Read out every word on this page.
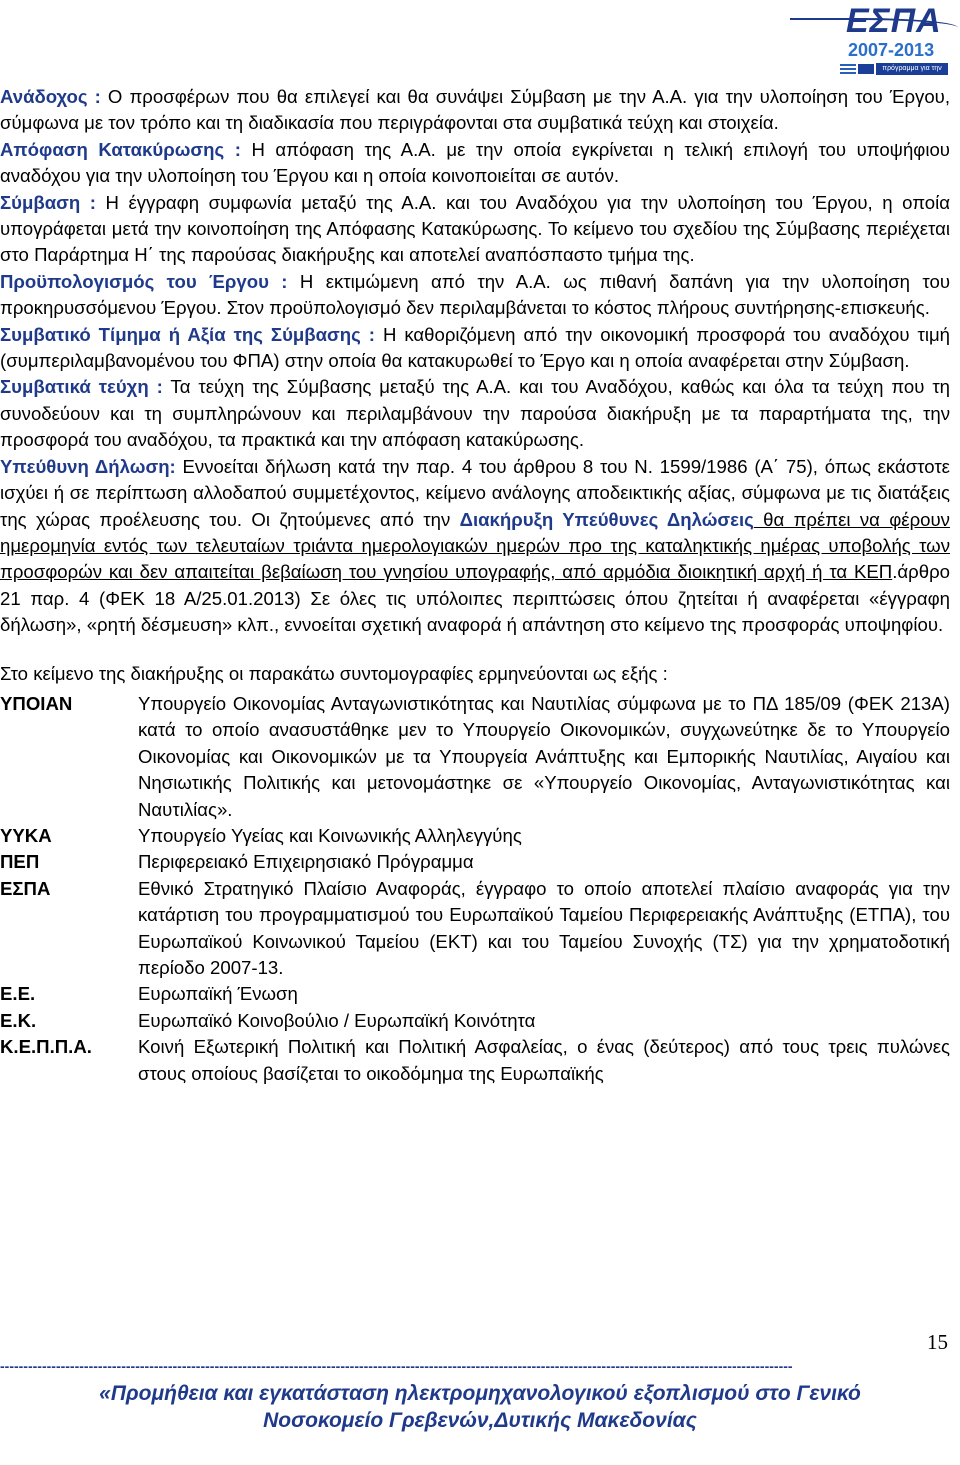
ΕΣΠΑ
2007-2013
πρόγραμμα για την ανάπτυξη

Ανάδοχος : Ο προσφέρων που θα επιλεγεί και θα συνάψει Σύμβαση με την Α.Α. για την υλοποίηση του Έργου, σύμφωνα με τον τρόπο και τη διαδικασία που περιγράφονται στα συμβατικά τεύχη και στοιχεία.

Απόφαση Κατακύρωσης : Η απόφαση της Α.Α. με την οποία εγκρίνεται η τελική επιλογή του υποψήφιου αναδόχου για την υλοποίηση του Έργου και η οποία κοινοποιείται σε αυτόν.

Σύμβαση : Η έγγραφη συμφωνία μεταξύ της Α.Α. και του Αναδόχου για την υλοποίηση του Έργου, η οποία υπογράφεται μετά την κοινοποίηση της Απόφασης Κατακύρωσης. Το κείμενο του σχεδίου της Σύμβασης περιέχεται στο Παράρτημα Η΄ της παρούσας διακήρυξης και αποτελεί αναπόσπαστο τμήμα της.

Προϋπολογισμός του Έργου : Η εκτιμώμενη από την Α.Α. ως πιθανή δαπάνη για την υλοποίηση του προκηρυσσόμενου Έργου. Στον προϋπολογισμό δεν περιλαμβάνεται το κόστος πλήρους συντήρησης-επισκευής.

Συμβατικό Τίμημα ή Αξία της Σύμβασης : Η καθοριζόμενη από την οικονομική προσφορά του αναδόχου τιμή (συμπεριλαμβανομένου του ΦΠΑ) στην οποία θα κατακυρωθεί το Έργο και η οποία αναφέρεται στην Σύμβαση.

Συμβατικά τεύχη : Τα τεύχη της Σύμβασης μεταξύ της Α.Α. και του Αναδόχου, καθώς και όλα τα τεύχη που τη συνοδεύουν και τη συμπληρώνουν και περιλαμβάνουν την παρούσα διακήρυξη με τα παραρτήματα της, την προσφορά του αναδόχου, τα πρακτικά και την απόφαση κατακύρωσης.

Υπεύθυνη Δήλωση: Εννοείται δήλωση κατά την παρ. 4 του άρθρου 8 του Ν. 1599/1986 (Α΄ 75), όπως εκάστοτε ισχύει ή σε περίπτωση αλλοδαπού συμμετέχοντος, κείμενο ανάλογης αποδεικτικής αξίας, σύμφωνα με τις διατάξεις της χώρας προέλευσης του. Οι ζητούμενες από την Διακήρυξη Υπεύθυνες Δηλώσεις θα πρέπει να φέρουν ημερομηνία εντός των τελευταίων τριάντα ημερολογιακών ημερών προ της καταληκτικής ημέρας υποβολής των προσφορών και δεν απαιτείται βεβαίωση του γνησίου υπογραφής, από αρμόδια διοικητική αρχή ή τα ΚΕΠ.άρθρο 21 παρ. 4 (ΦΕΚ 18 Α/25.01.2013) Σε όλες τις υπόλοιπες περιπτώσεις όπου ζητείται ή αναφέρεται «έγγραφη δήλωση», «ρητή δέσμευση» κλπ., εννοείται σχετική αναφορά ή απάντηση στο κείμενο της προσφοράς υποψηφίου.

Στο κείμενο της διακήρυξης οι παρακάτω συντομογραφίες ερμηνεύονται ως εξής :

ΥΠΟΙΑΝ	Υπουργείο Οικονομίας Ανταγωνιστικότητας και Ναυτιλίας σύμφωνα με το ΠΔ 185/09 (ΦΕΚ 213Α) κατά το οποίο ανασυστάθηκε μεν το Υπουργείο Οικονομικών, συγχωνεύτηκε δε το Υπουργείο Οικονομίας και Οικονομικών με τα Υπουργεία Ανάπτυξης και Εμπορικής Ναυτιλίας, Αιγαίου και Νησιωτικής Πολιτικής και μετονομάστηκε σε «Υπουργείο Οικονομίας, Ανταγωνιστικότητας και Ναυτιλίας».
ΥΥΚΑ	Υπουργείο Υγείας και Κοινωνικής Αλληλεγγύης
ΠΕΠ	Περιφερειακό Επιχειρησιακό Πρόγραμμα
ΕΣΠΑ	Εθνικό Στρατηγικό Πλαίσιο Αναφοράς, έγγραφο το οποίο αποτελεί πλαίσιο αναφοράς για την κατάρτιση του προγραμματισμού του Ευρωπαϊκού Ταμείου Περιφερειακής Ανάπτυξης (ΕΤΠΑ), του Ευρωπαϊκού Κοινωνικού Ταμείου (ΕΚΤ) και του Ταμείου Συνοχής (ΤΣ) για την χρηματοδοτική περίοδο 2007-13.
Ε.Ε.	Ευρωπαϊκή Ένωση
Ε.Κ.	Ευρωπαϊκό Κοινοβούλιο / Ευρωπαϊκή Κοινότητα
Κ.Ε.Π.Π.Α.	Κοινή Εξωτερική Πολιτική και Πολιτική Ασφαλείας, ο ένας (δεύτερος) από τους τρεις πυλώνες στους οποίους βασίζεται το οικοδόμημα της Ευρωπαϊκής
15
--------------------------------------------------------------------------------------------------------------------------------------------------------------------------
«Προμήθεια και εγκατάσταση ηλεκτρομηχανολογικού εξοπλισμού στο Γενικό
Νοσοκομείο Γρεβενών,Δυτικής Μακεδονίας
